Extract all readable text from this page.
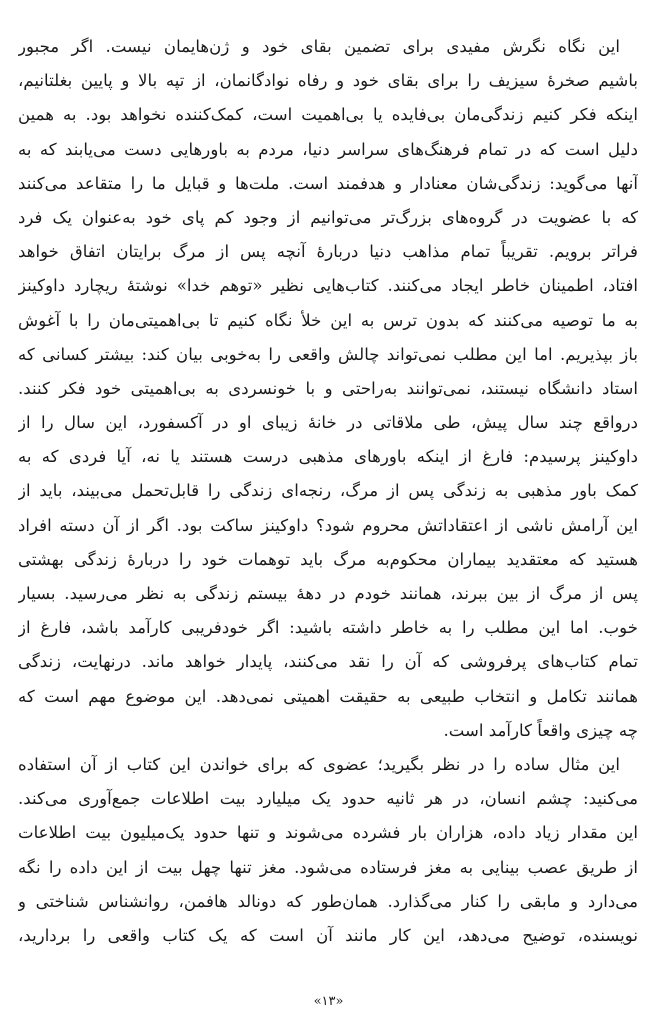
این نگاه نگرش مفیدی برای تضمین بقای خود و ژن‌هایمان نیست. اگر مجبور
باشیم صخرهٔ سیزیف را برای بقای خود و رفاه نوادگانمان، از تپه بالا و پایین بغلتانیم،
اینکه فکر کنیم زندگی‌مان بی‌فایده یا بی‌اهمیت است، کمک‌کننده نخواهد بود. به همین
دلیل است که در تمام فرهنگ‌های سراسر دنیا، مردم به باورهایی دست می‌یابند که به
آنها می‌گوید: زندگی‌شان معنادار و هدفمند است. ملت‌ها و قبایل ما را متقاعد می‌کنند
که با عضویت در گروه‌های بزرگ‌تر می‌توانیم از وجود کم پای خود به‌عنوان یک فرد
فراتر برویم. تقریباً تمام مذاهب دنیا دربارهٔ آنچه پس از مرگ برایتان اتفاق خواهد
افتاد، اطمینان خاطر ایجاد می‌کنند. کتاب‌هایی نظیر «توهم خدا» نوشتهٔ ریچارد داوکینز
به ما توصیه می‌کنند که بدون ترس به این خلأ نگاه کنیم تا بی‌اهمیتی‌مان را با آغوش
باز بپذیریم. اما این مطلب نمی‌تواند چالش واقعی را به‌خوبی بیان کند: بیشتر کسانی که
استاد دانشگاه نیستند، نمی‌توانند به‌راحتی و با خونسردی به بی‌اهمیتی خود فکر کنند.
درواقع چند سال پیش، طی ملاقاتی در خانهٔ زیبای او در آکسفورد، این سال را از
داوکینز پرسیدم: فارغ از اینکه باورهای مذهبی درست هستند یا نه، آیا فردی که به
کمک باور مذهبی به زندگی پس از مرگ، رنجه‌ای زندگی را قابل‌تحمل می‌بیند، باید از
این آرامش ناشی از اعتقاداتش محروم شود؟ داوکینز ساکت بود. اگر از آن دسته افراد
هستید که معتقدید بیماران محکوم‌به مرگ باید توهمات خود را دربارهٔ زندگی بهشتی
پس از مرگ از بین ببرند، همانند خودم در دههٔ بیستم زندگی به نظر می‌رسید. بسیار
خوب. اما این مطلب را به خاطر داشته باشید: اگر خودفریبی کارآمد باشد، فارغ از
تمام کتاب‌های پرفروشی که آن را نقد می‌کنند، پایدار خواهد ماند. درنهایت، زندگی
همانند تکامل و انتخاب طبیعی به حقیقت اهمیتی نمی‌دهد. این موضوع مهم است که
چه چیزی واقعاً کارآمد است.

این مثال ساده را در نظر بگیرید؛ عضوی که برای خواندن این کتاب از آن استفاده
می‌کنید: چشم انسان، در هر ثانیه حدود یک میلیارد بیت اطلاعات جمع‌آوری می‌کند.
این مقدار زیاد داده، هزاران بار فشرده می‌شوند و تنها حدود یک‌میلیون بیت اطلاعات
از طریق عصب بینایی به مغز فرستاده می‌شود. مغز تنها چهل بیت از این داده را نگه
می‌دارد و مابقی را کنار می‌گذارد. همان‌طور که دونالد هافمن، روانشناس شناختی و
نویسنده، توضیح می‌دهد، این کار مانند آن است که یک کتاب واقعی را بردارید،

«۱۳»
